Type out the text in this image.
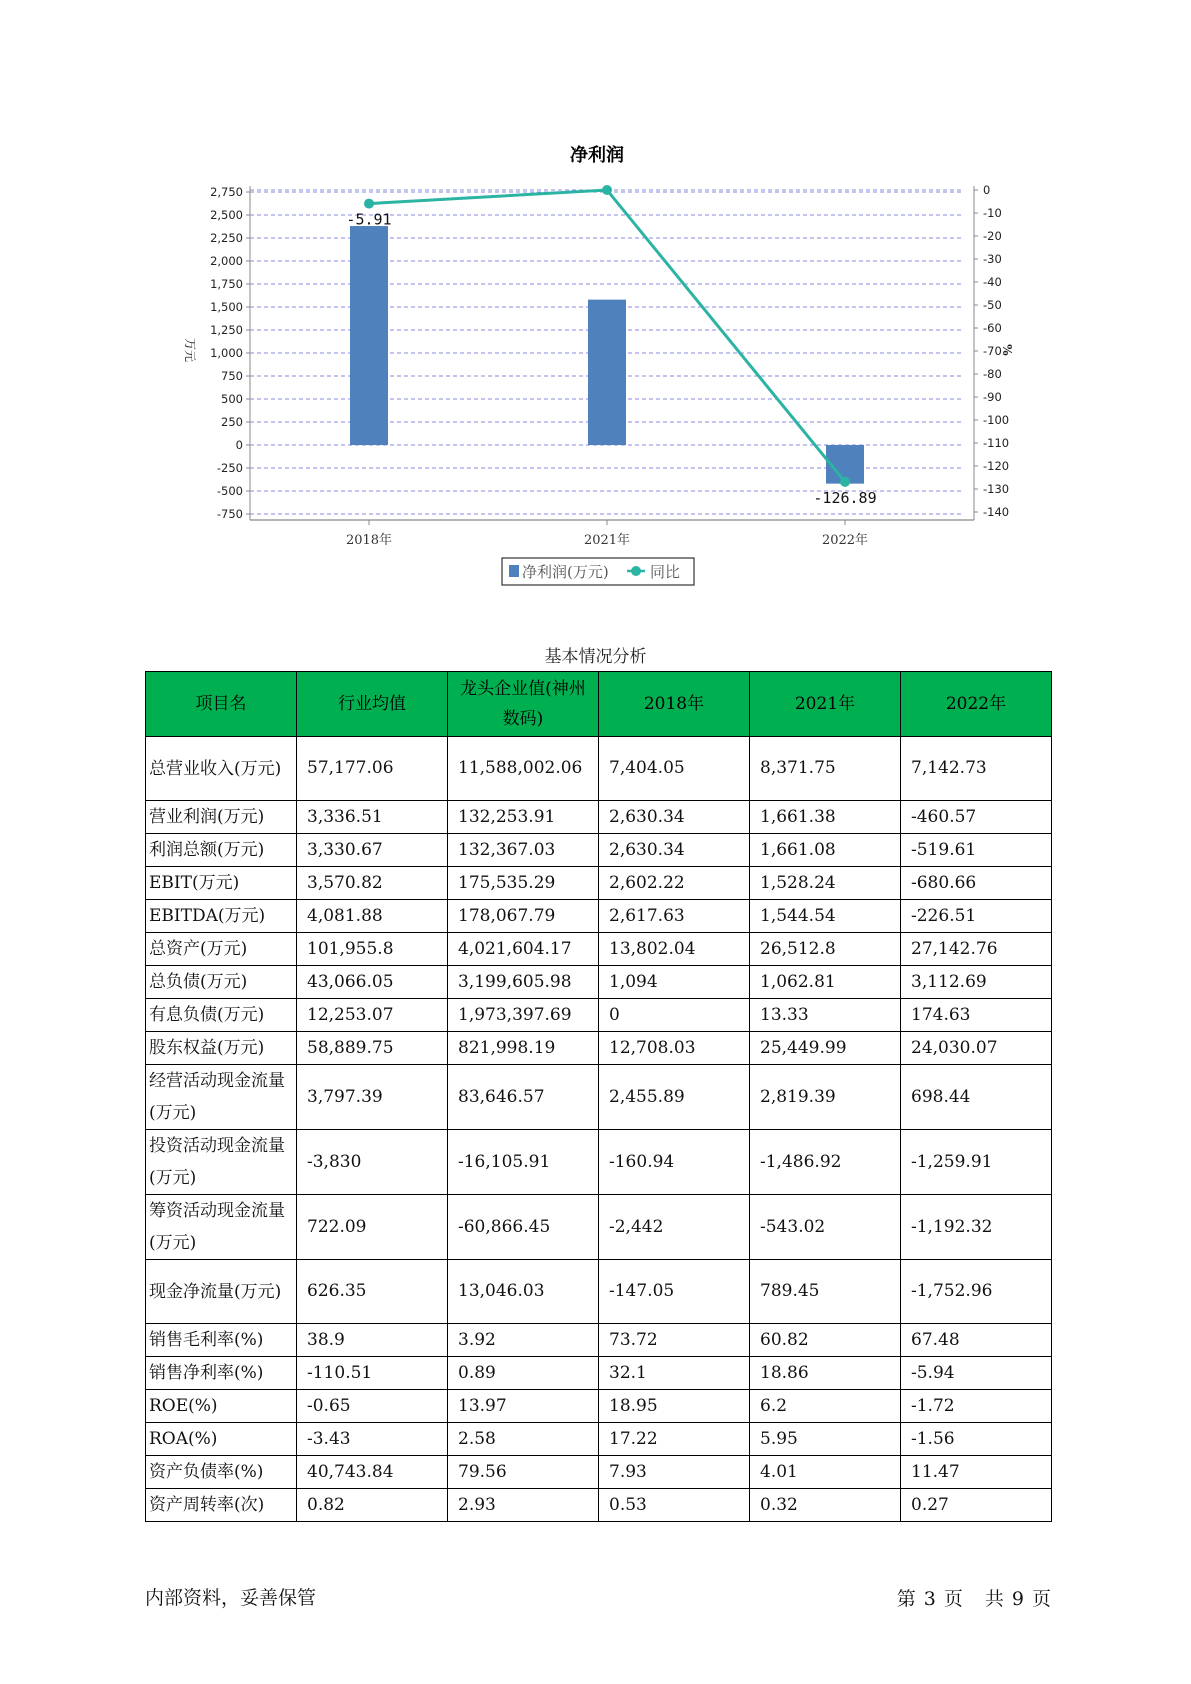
净利润
2,750
2,500
2,250
2,000
1,750
1,500
1,250
1,000
750
500
250
0
-250
-500
-750
0
-10
-20
-30
-40
-50
-60
-70
-80
-90
-100
-110
-120
-130
-140
2018年	2021年	2022年
-5.91
-126.89
万元	%
净利润(万元)	同比
基本情况分析
项目名	行业均值	龙头企业值(神州数码)	2018年	2021年	2022年
总营业收入(万元)	57,177.06	11,588,002.06	7,404.05	8,371.75	7,142.73
营业利润(万元)	3,336.51	132,253.91	2,630.34	1,661.38	-460.57
利润总额(万元)	3,330.67	132,367.03	2,630.34	1,661.08	-519.61
EBIT(万元)	3,570.82	175,535.29	2,602.22	1,528.24	-680.66
EBITDA(万元)	4,081.88	178,067.79	2,617.63	1,544.54	-226.51
总资产(万元)	101,955.8	4,021,604.17	13,802.04	26,512.8	27,142.76
总负债(万元)	43,066.05	3,199,605.98	1,094	1,062.81	3,112.69
有息负债(万元)	12,253.07	1,973,397.69	0	13.33	174.63
股东权益(万元)	58,889.75	821,998.19	12,708.03	25,449.99	24,030.07
经营活动现金流量(万元)	3,797.39	83,646.57	2,455.89	2,819.39	698.44
投资活动现金流量(万元)	-3,830	-16,105.91	-160.94	-1,486.92	-1,259.91
筹资活动现金流量(万元)	722.09	-60,866.45	-2,442	-543.02	-1,192.32
现金净流量(万元)	626.35	13,046.03	-147.05	789.45	-1,752.96
销售毛利率(%)	38.9	3.92	73.72	60.82	67.48
销售净利率(%)	-110.51	0.89	32.1	18.86	-5.94
ROE(%)	-0.65	13.97	18.95	6.2	-1.72
ROA(%)	-3.43	2.58	17.22	5.95	-1.56
资产负债率(%)	40,743.84	79.56	7.93	4.01	11.47
资产周转率(次)	0.82	2.93	0.53	0.32	0.27
内部资料，妥善保管	第 3 页 共 9 页
